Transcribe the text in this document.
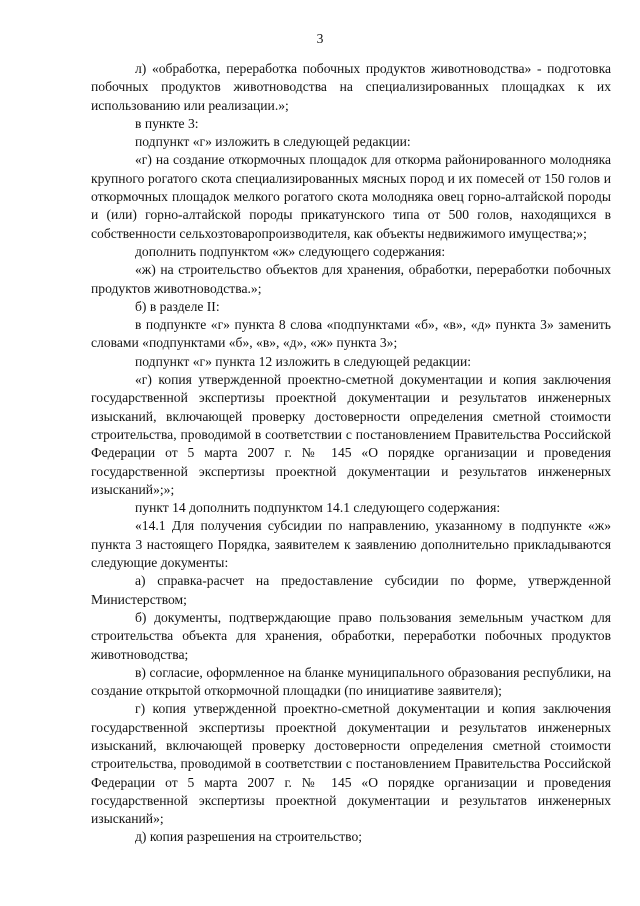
3

л) «обработка, переработка побочных продуктов животноводства» - подготовка побочных продуктов животноводства на специализированных площадках к их использованию или реализации.»;

в пункте 3:

подпункт «г» изложить в следующей редакции:

«г) на создание откормочных площадок для откорма районированного молодняка крупного рогатого скота специализированных мясных пород и их помесей от 150 голов и откормочных площадок мелкого рогатого скота молодняка овец горно-алтайской породы и (или) горно-алтайской породы прикатунского типа от 500 голов, находящихся в собственности сельхозтоваропроизводителя, как объекты недвижимого имущества;»;

дополнить подпунктом «ж» следующего содержания:

«ж) на строительство объектов для хранения, обработки, переработки побочных продуктов животноводства.»;

б) в разделе II:

в подпункте «г» пункта 8 слова «подпунктами «б», «в», «д» пункта 3» заменить словами «подпунктами «б», «в», «д», «ж» пункта 3»;

подпункт «г» пункта 12 изложить в следующей редакции:

«г) копия утвержденной проектно-сметной документации и копия заключения государственной экспертизы проектной документации и результатов инженерных изысканий, включающей проверку достоверности определения сметной стоимости строительства, проводимой в соответствии с постановлением Правительства Российской Федерации от 5 марта 2007 г. № 145 «О порядке организации и проведения государственной экспертизы проектной документации и результатов инженерных изысканий»;»;

пункт 14 дополнить подпунктом 14.1 следующего содержания:

«14.1 Для получения субсидии по направлению, указанному в подпункте «ж» пункта 3 настоящего Порядка, заявителем к заявлению дополнительно прикладываются следующие документы:

а) справка-расчет на предоставление субсидии по форме, утвержденной Министерством;

б) документы, подтверждающие право пользования земельным участком для строительства объекта для хранения, обработки, переработки побочных продуктов животноводства;

в) согласие, оформленное на бланке муниципального образования республики, на создание открытой откормочной площадки (по инициативе заявителя);

г) копия утвержденной проектно-сметной документации и копия заключения государственной экспертизы проектной документации и результатов инженерных изысканий, включающей проверку достоверности определения сметной стоимости строительства, проводимой в соответствии с постановлением Правительства Российской Федерации от 5 марта 2007 г. № 145 «О порядке организации и проведения государственной экспертизы проектной документации и результатов инженерных изысканий»;

д) копия разрешения на строительство;
